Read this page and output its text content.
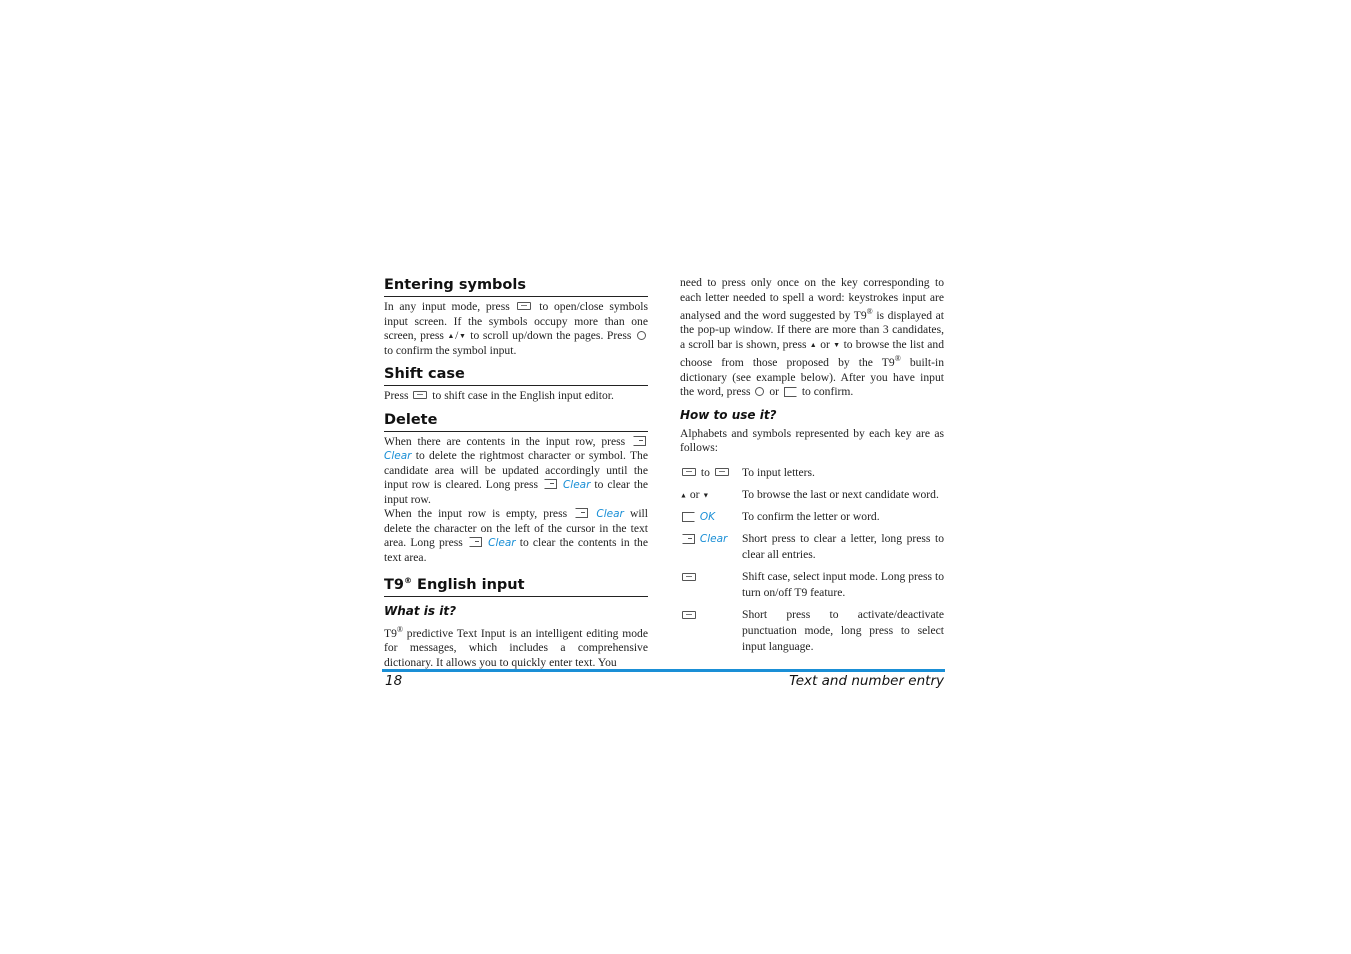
Entering symbols

In any input mode, press	to open/close symbols input screen. If the symbols occupy more than one screen, press ▲/▼ to scroll up/down the pages. Press  to confirm the symbol input.

Shift case

Press to shift case in the English input editor.

Delete

When there are contents in the input row, press  Clear to delete the rightmost character or symbol. The candidate area will be updated accordingly until the input row is cleared. Long press Clear to clear the input row.

When the input row is empty, press	Clear will delete the character on the left of the cursor in the text area. Long press Clear to clear the contents in the text area.

T9® English input
What is it?

T9® predictive Text Input is an intelligent editing mode for messages, which includes a comprehensive dictionary. It allows you to quickly enter text. You

need to press only once on the key corresponding to each letter needed to spell a word: keystrokes input are analysed and the word suggested by T9® is displayed at the pop-up window. If there are more than 3 candidates, a scroll bar is shown, press ▲ or ▼ to browse the list and choose from those proposed by the T9® built-in dictionary (see example below). After you have input the word, press or to confirm.

How to use it?

Alphabets and symbols represented by each key are as follows:

to	To input letters.
▲ or ▼	To browse the last or next candidate word.
OK	To confirm the letter or word.
Clear	Short press to clear a letter, long press to clear all entries.
	Shift case, select input mode. Long press to turn on/off T9 feature.
	Short press to activate/deactivate punctuation mode, long press to select input language.
18	Text and number entry
